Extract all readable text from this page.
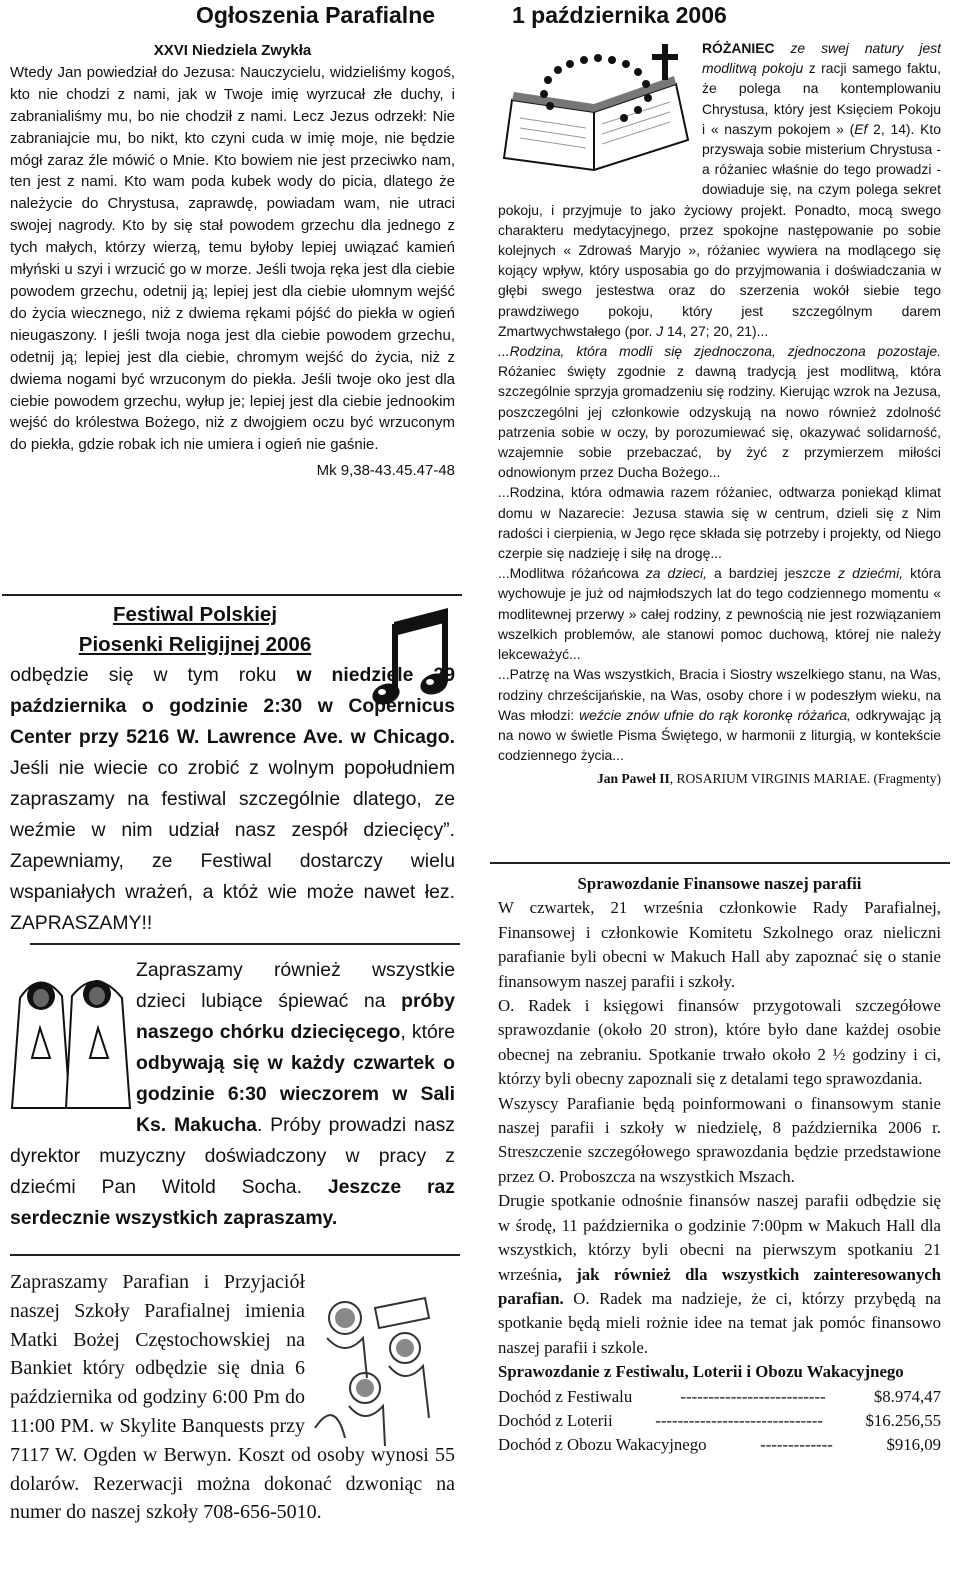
Ogłoszenia Parafialne	1 października 2006
XXVI Niedziela Zwykła
Wtedy Jan powiedział do Jezusa: Nauczycielu, widzieliśmy kogoś, kto nie chodzi z nami, jak w Twoje imię wyrzucał złe duchy, i zabranialiśmy mu, bo nie chodził z nami. Lecz Jezus odrzekł: Nie zabraniajcie mu, bo nikt, kto czyni cuda w imię moje, nie będzie mógł zaraz źle mówić o Mnie. Kto bowiem nie jest przeciwko nam, ten jest z nami. Kto wam poda kubek wody do picia, dlatego że należycie do Chrystusa, zaprawdę, powiadam wam, nie utraci swojej nagrody. Kto by się stał powodem grzechu dla jednego z tych małych, którzy wierzą, temu byłoby lepiej uwiązać kamień młyński u szyi i wrzucić go w morze. Jeśli twoja ręka jest dla ciebie powodem grzechu, odetnij ją; lepiej jest dla ciebie ułomnym wejść do życia wiecznego, niż z dwiema rękami pójść do piekła w ogień nieugaszony. I jeśli twoja noga jest dla ciebie powodem grzechu, odetnij ją; lepiej jest dla ciebie, chromym wejść do życia, niż z dwiema nogami być wrzuconym do piekła. Jeśli twoje oko jest dla ciebie powodem grzechu, wyłup je; lepiej jest dla ciebie jednookim wejść do królestwa Bożego, niż z dwojgiem oczu być wrzuconym do piekła, gdzie robak ich nie umiera i ogień nie gaśnie.
Mk 9,38-43.45.47-48
Festiwal Polskiej
Piosenki Religijnej 2006
odbędzie się w tym roku w niedziele 29 października o godzinie 2:30 w Copernicus Center przy 5216 W. Lawrence Ave. w Chicago. Jeśli nie wiecie co zrobić z wolnym popołudniem zapraszamy na festiwal szczególnie dlatego, ze weźmie w nim udział nasz zespół dziecięcy”. Zapewniamy, ze Festiwal dostarczy wielu wspaniałych wrażeń, a któż wie może nawet łez. ZAPRASZAMY!!
Zapraszamy również wszystkie dzieci lubiące śpiewać na próby naszego chórku dziecięcego, które odbywają się w każdy czwartek o godzinie 6:30 wieczorem w Sali Ks. Makucha. Próby prowadzi nasz dyrektor muzyczny doświadczony w pracy z dziećmi Pan Witold Socha. Jeszcze raz serdecznie wszystkich zapraszamy.
Zapraszamy Parafian i Przyjaciół naszej Szkoły Parafialnej imienia Matki Bożej Częstochowskiej na Bankiet który odbędzie się dnia 6 października od godziny 6:00 Pm do 11:00 PM. w Skylite Banquests przy 7117 W. Ogden w Berwyn. Koszt od osoby wynosi 55 dolarów. Rezerwacji można dokonać dzwoniąc na numer do naszej szkoły 708-656-5010.

RÓŻANIEC ze swej natury jest modlitwą pokoju z racji samego faktu, że polega na kontemplowaniu Chrystusa, który jest Księciem Pokoju i « naszym pokojem » (Ef 2, 14). Kto przyswaja sobie misterium Chrystusa - a różaniec właśnie do tego prowadzi - dowiaduje się, na czym polega sekret pokoju, i przyjmuje to jako życiowy projekt. Ponadto, mocą swego charakteru medytacyjnego, przez spokojne następowanie po sobie kolejnych « Zdrowaś Maryjo », różaniec wywiera na modlącego się kojący wpływ, który usposabia go do przyjmowania i doświadczania w głębi swego jestestwa oraz do szerzenia wokół siebie tego prawdziwego pokoju, który jest szczególnym darem Zmartwychwstałego (por. J 14, 27; 20, 21)...

...Rodzina, która modli się zjednoczona, zjednoczona pozostaje. Różaniec święty zgodnie z dawną tradycją jest modlitwą, która szczególnie sprzyja gromadzeniu się rodziny. Kierując wzrok na Jezusa, poszczególni jej członkowie odzyskują na nowo również zdolność patrzenia sobie w oczy, by porozumiewać się, okazywać solidarność, wzajemnie sobie przebaczać, by żyć z przymierzem miłości odnowionym przez Ducha Bożego...

...Rodzina, która odmawia razem różaniec, odtwarza poniekąd klimat domu w Nazarecie: Jezusa stawia się w centrum, dzieli się z Nim radości i cierpienia, w Jego ręce składa się potrzeby i projekty, od Niego czerpie się nadzieję i siłę na drogę...

...Modlitwa różańcowa za dzieci, a bardziej jeszcze z dziećmi, która wychowuje je już od najmłodszych lat do tego codziennego momentu « modlitewnej przerwy » całej rodziny, z pewnością nie jest rozwiązaniem wszelkich problemów, ale stanowi pomoc duchową, której nie należy lekceważyć...

...Patrzę na Was wszystkich, Bracia i Siostry wszelkiego stanu, na Was, rodziny chrześcijańskie, na Was, osoby chore i w podeszłym wieku, na Was młodzi: weźcie znów ufnie do rąk koronkę różańca, odkrywając ją na nowo w świetle Pisma Świętego, w harmonii z liturgią, w kontekście codziennego życia...

Jan Paweł II, ROSARIUM VIRGINIS MARIAE. (Fragmenty)

Sprawozdanie Finansowe naszej parafii

W czwartek, 21 września członkowie Rady Parafialnej, Finansowej i członkowie Komitetu Szkolnego oraz nieliczni parafianie byli obecni w Makuch Hall aby zapoznać się o stanie finansowym naszej parafii i szkoły.

O. Radek i księgowi finansów przygotowali szczegółowe sprawozdanie (około 20 stron), które było dane każdej osobie obecnej na zebraniu. Spotkanie trwało około 2 ½ godziny i ci, którzy byli obecny zapoznali się z detalami tego sprawozdania.

Wszyscy Parafianie będą poinformowani o finansowym stanie naszej parafii i szkoły w niedzielę, 8 października 2006 r. Streszczenie szczegółowego sprawozdania będzie przedstawione przez O. Proboszcza na wszystkich Mszach.

Drugie spotkanie odnośnie finansów naszej parafii odbędzie się w środę, 11 października o godzinie 7:00pm w Makuch Hall dla wszystkich, którzy byli obecni na pierwszym spotkaniu 21 września, jak również dla wszystkich zainteresowanych parafian. O. Radek ma nadzieje, że ci, którzy przybędą na spotkanie będą mieli rożnie idee na temat jak pomóc finansowo naszej parafii i szkole.

Sprawozdanie z Festiwalu, Loterii i Obozu Wakacyjnego

Dochód z Festiwalu	--------------------------	$8.974,47
Dochód z Loterii	------------------------------	$16.256,55
Dochód z Obozu Wakacyjnego	-------------	$916,09
